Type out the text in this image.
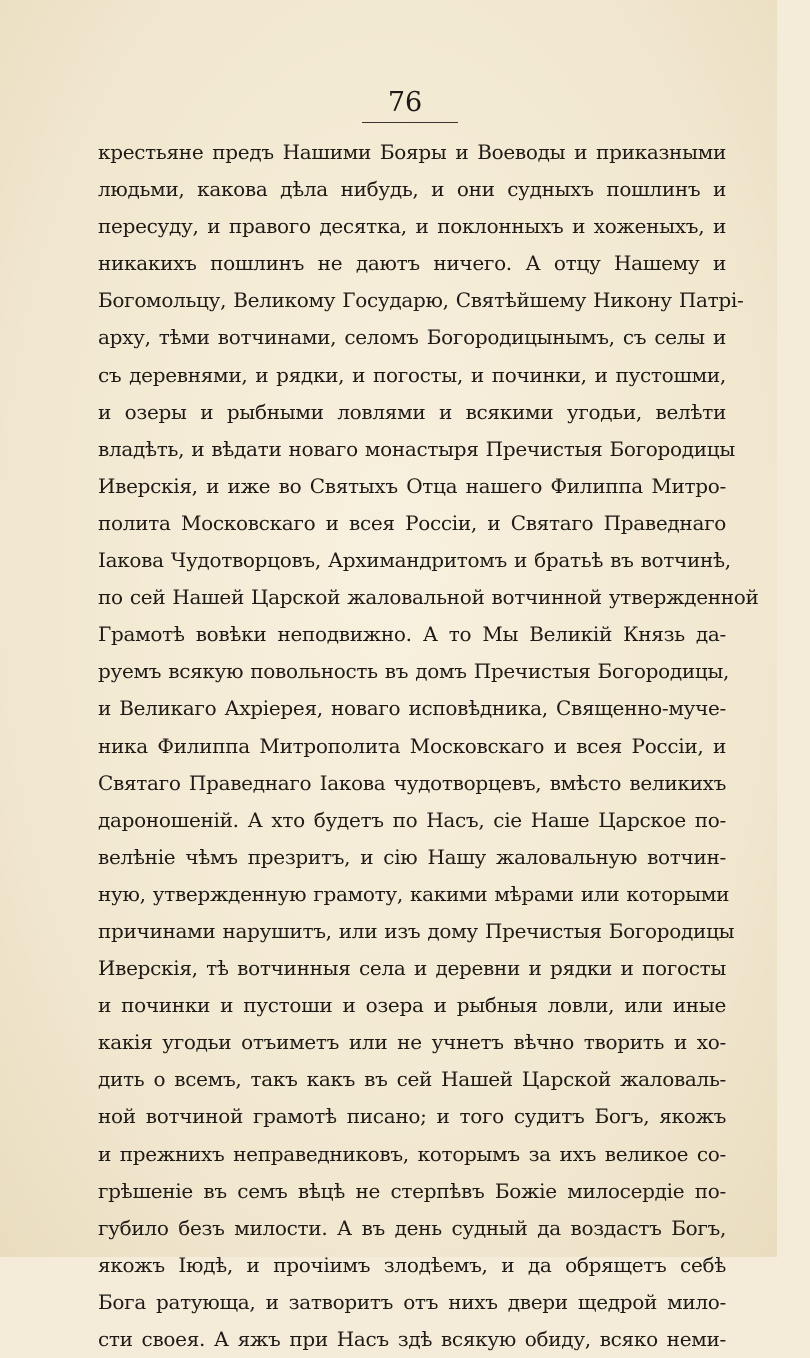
76
крестьяне предъ Нашими Бояры и Воеводы и приказными
людьми, какова дѣла нибудь, и они судныхъ пошлинъ и
пересуду, и правого десятка, и поклонныхъ и хоженыхъ, и
никакихъ пошлинъ не даютъ ничего. А отцу Нашему и
Богомольцу, Великому Государю, Святѣйшему Никону Патрі-
арху, тѣми вотчинами, селомъ Богородицынымъ, съ селы и
съ деревнями, и рядки, и погосты, и починки, и пустошми,
и озеры и рыбными ловлями и всякими угодьи, велѣти
владѣть, и вѣдати новаго монастыря Пречистыя Богородицы
Иверскія, и иже во Святыхъ Отца нашего Филиппа Митро-
полита Московскаго и всея Россіи, и Святаго Праведнаго
Іакова Чудотворцовъ, Архимандритомъ и братьѣ въ вотчинѣ,
по сей Нашей Царской жаловальной вотчинной утвержденной
Грамотѣ вовѣки неподвижно. А то Мы Великій Князь да-
руемъ всякую повольность въ домъ Пречистыя Богородицы,
и Великаго Ахріерея, новаго исповѣдника, Священно-муче-
ника Филиппа Митрополита Московскаго и всея Россіи, и
Святаго Праведнаго Іакова чудотворцевъ, вмѣсто великихъ
дароношеній. А хто будетъ по Насъ, сіе Наше Царское по-
велѣніе чѣмъ презритъ, и сію Нашу жаловальную вотчин-
ную, утвержденную грамоту, какими мѣрами или которыми
причинами нарушитъ, или изъ дому Пречистыя Богородицы
Иверскія, тѣ вотчинныя села и деревни и рядки и погосты
и починки и пустоши и озера и рыбныя ловли, или иные
какія угодьи отъиметъ или не учнетъ вѣчно творить и хо-
дить о всемъ, такъ какъ въ сей Нашей Царской жаловаль-
ной вотчиной грамотѣ писано; и того судитъ Богъ, якожъ
и прежнихъ неправедниковъ, которымъ за ихъ великое со-
грѣшеніе въ семъ вѣцѣ не стерпѣвъ Божіе милосердіе по-
губило безъ милости. А въ день судный да воздастъ Богъ,
якожъ Іюдѣ, и прочіимъ злодѣемъ, и да обрящетъ себѣ
Бога ратующа, и затворитъ отъ нихъ двери щедрой мило-
сти своея. А яжъ при Насъ здѣ всякую обиду, всяко неми-
